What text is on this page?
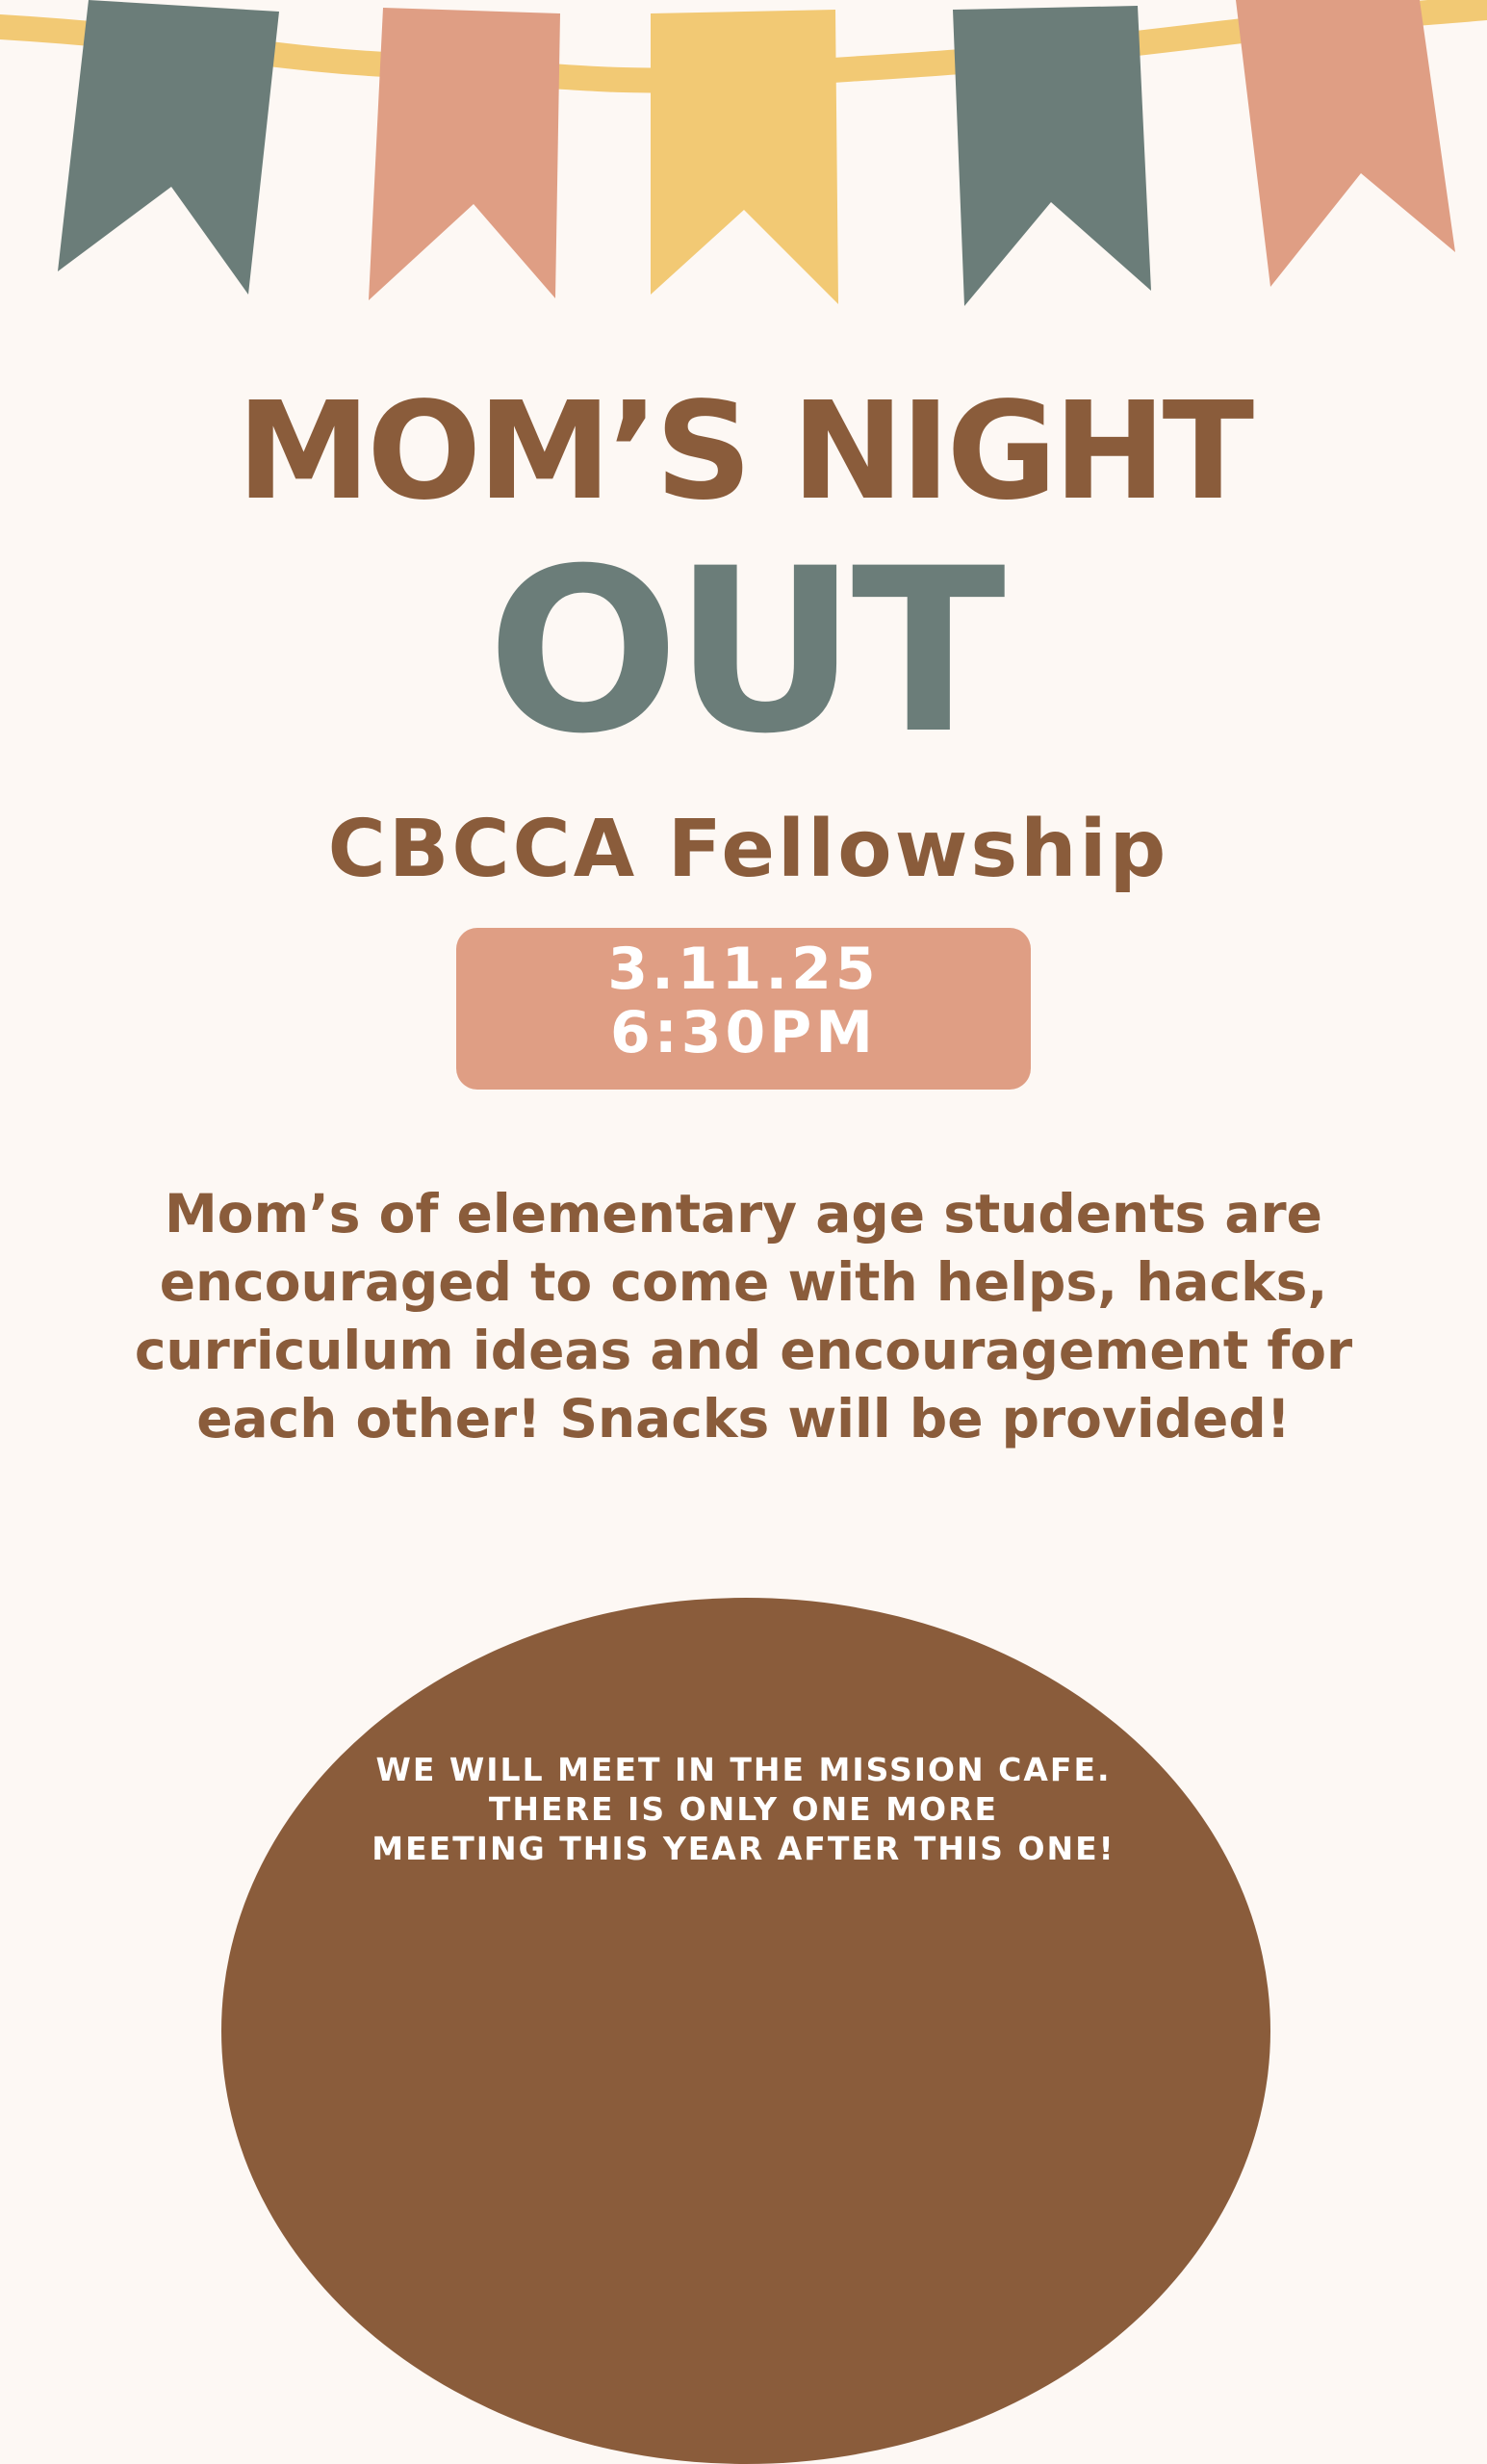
MOM’S NIGHT
OUT
CBCCA Fellowship
3.11.25
6:30PM
Mom’s of elementary age students are encouraged to come with helps, hacks, curriculum ideas and encouragement for each other! Snacks will be provided!
WE WILL MEET IN THE MISSION CAFE.
THERE IS ONLY ONE MORE
MEETING THIS YEAR AFTER THIS ONE!
